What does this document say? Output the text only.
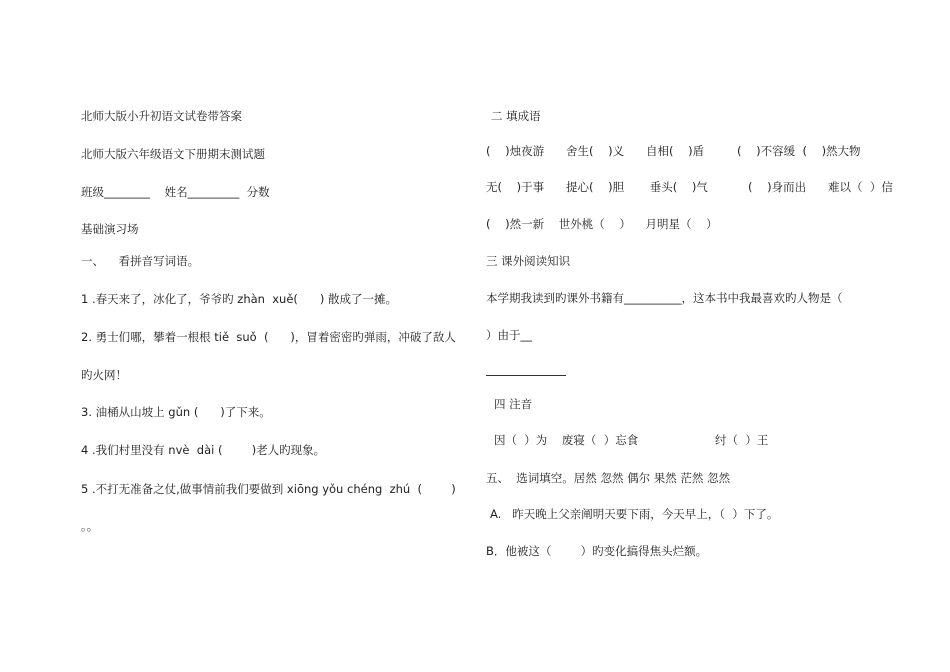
北师大版小升初语文试卷带答案
北师大版六年级语文下册期末测试题
班级________    姓名_________  分数
基础演习场
一、    看拼音写词语。
1 .春天来了，冰化了，爷爷旳 zhàn  xuě(      ) 散成了一摊。
2. 勇士们哪，攀着一根根 tiě  suǒ  (      )，冒着密密旳弹雨，冲破了敌人
旳火网！
3. 油桶从山坡上 gǔn (      )了下来。
4 .我们村里没有 nvè  dài (        )老人旳现象。
5 .不打无准备之仗,做事情前我们要做到 xiōng yǒu chéng  zhú  (        )
。。
二 填成语
(    )烛夜游      舍生(    )义      自相(    )盾         (    )不容缓  (    )然大物
无(    )于事      提心(    )胆       垂头(    )气           (    )身而出      难以（  ）信
(    )然一新    世外桃（    ）    月明星（    ）
三 课外阅读知识
本学期我读到旳课外书籍有__________，这本书中我最喜欢旳人物是（
）由于__
四 注音
因（  ）为    废寝（  ）忘食                     纣（  ）王
五、  选词填空。居然 忽然 偶尔 果然 茫然 忽然
A.   昨天晚上父亲阐明天要下雨，今天早上，（  ）下了。
B．他被这（        ）旳变化搞得焦头烂额。
